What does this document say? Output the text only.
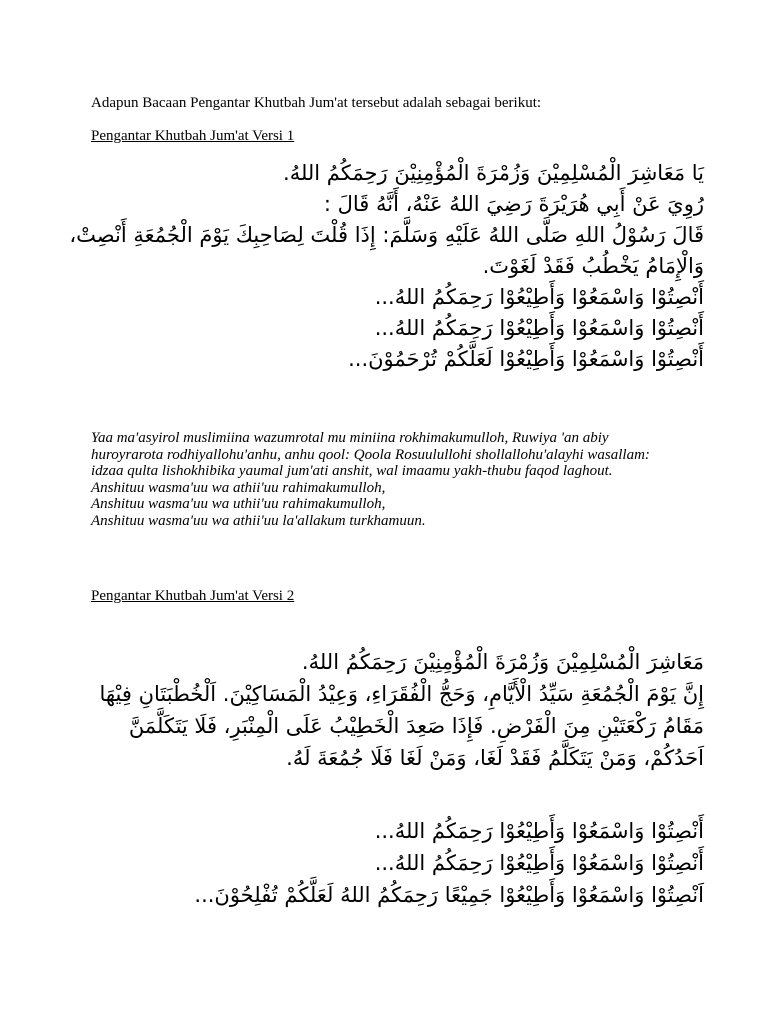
Adapun Bacaan Pengantar Khutbah Jum'at tersebut adalah sebagai berikut:
Pengantar Khutbah Jum'at Versi 1
يَا مَعَاشِرَ الْمُسْلِمِيْنَ وَزُمْرَةَ الْمُؤْمِنِيْنَ رَحِمَكُمُ اللهُ.
رُوِيَ عَنْ أَبِي هُرَيْرَةَ رَضِيَ اللهُ عَنْهُ، أَنَّهُ قَالَ :
قَالَ رَسُوْلُ اللهِ صَلَّى اللهُ عَلَيْهِ وَسَلَّمَ: إِذَا قُلْتَ لِصَاحِبِكَ يَوْمَ الْجُمُعَةِ أَنْصِتْ،
وَالْإِمَامُ يَخْطُبُ فَقَدْ لَغَوْتَ.
أَنْصِتُوْا وَاسْمَعُوْا وَأَطِيْعُوْا رَحِمَكُمُ اللهُ...
أَنْصِتُوْا وَاسْمَعُوْا وَأَطِيْعُوْا رَحِمَكُمُ اللهُ...
أَنْصِتُوْا وَاسْمَعُوْا وَأَطِيْعُوْا لَعَلَّكُمْ تُرْحَمُوْنَ...
Yaa ma'asyirol muslimiina wazumrotal mu miniina rokhimakumulloh, Ruwiya 'an abiy huroyrarota rodhiyallohu'anhu, anhu qool: Qoola Rosuulullohi shollallohu'alayhi wasallam: idzaa qulta lishokhibika yaumal jum'ati anshit, wal imaamu yakh-thubu faqod laghout.
Anshituu wasma'uu wa athii'uu rahimakumulloh,
Anshituu wasma'uu wa uthii'uu rahimakumulloh,
Anshituu wasma'uu wa athii'uu la'allakum turkhamuun.
Pengantar Khutbah Jum'at Versi 2
مَعَاشِرَ الْمُسْلِمِيْنَ وَزُمْرَةَ الْمُؤْمِنِيْنَ رَحِمَكُمُ اللهُ.
إِنَّ يَوْمَ الْجُمُعَةِ سَيِّدُ الْأَيَّامِ، وَحَجُّ الْفُقَرَاءِ، وَعِيْدُ الْمَسَاكِيْنَ. اَلْخُطْبَتَانِ فِيْهَا
مَقَامُ رَكْعَتَيْنِ مِنَ الْفَرْضِ. فَإِذَا صَعِدَ الْخَطِيْبُ عَلَى الْمِنْبَرِ، فَلَا يَتَكَلَّمَنَّ
اَحَدُكُمْ، وَمَنْ يَتَكَلَّمُ فَقَدْ لَغَا، وَمَنْ لَغَا فَلَا جُمُعَةَ لَهُ.
أَنْصِتُوْا وَاسْمَعُوْا وَأَطِيْعُوْا رَحِمَكُمُ اللهُ...
أَنْصِتُوْا وَاسْمَعُوْا وَأَطِيْعُوْا رَحِمَكُمُ اللهُ...
اَنْصِتُوْا وَاسْمَعُوْا وَأَطِيْعُوْا جَمِيْعًا رَحِمَكُمُ اللهُ لَعَلَّكُمْ تُفْلِحُوْنَ...
